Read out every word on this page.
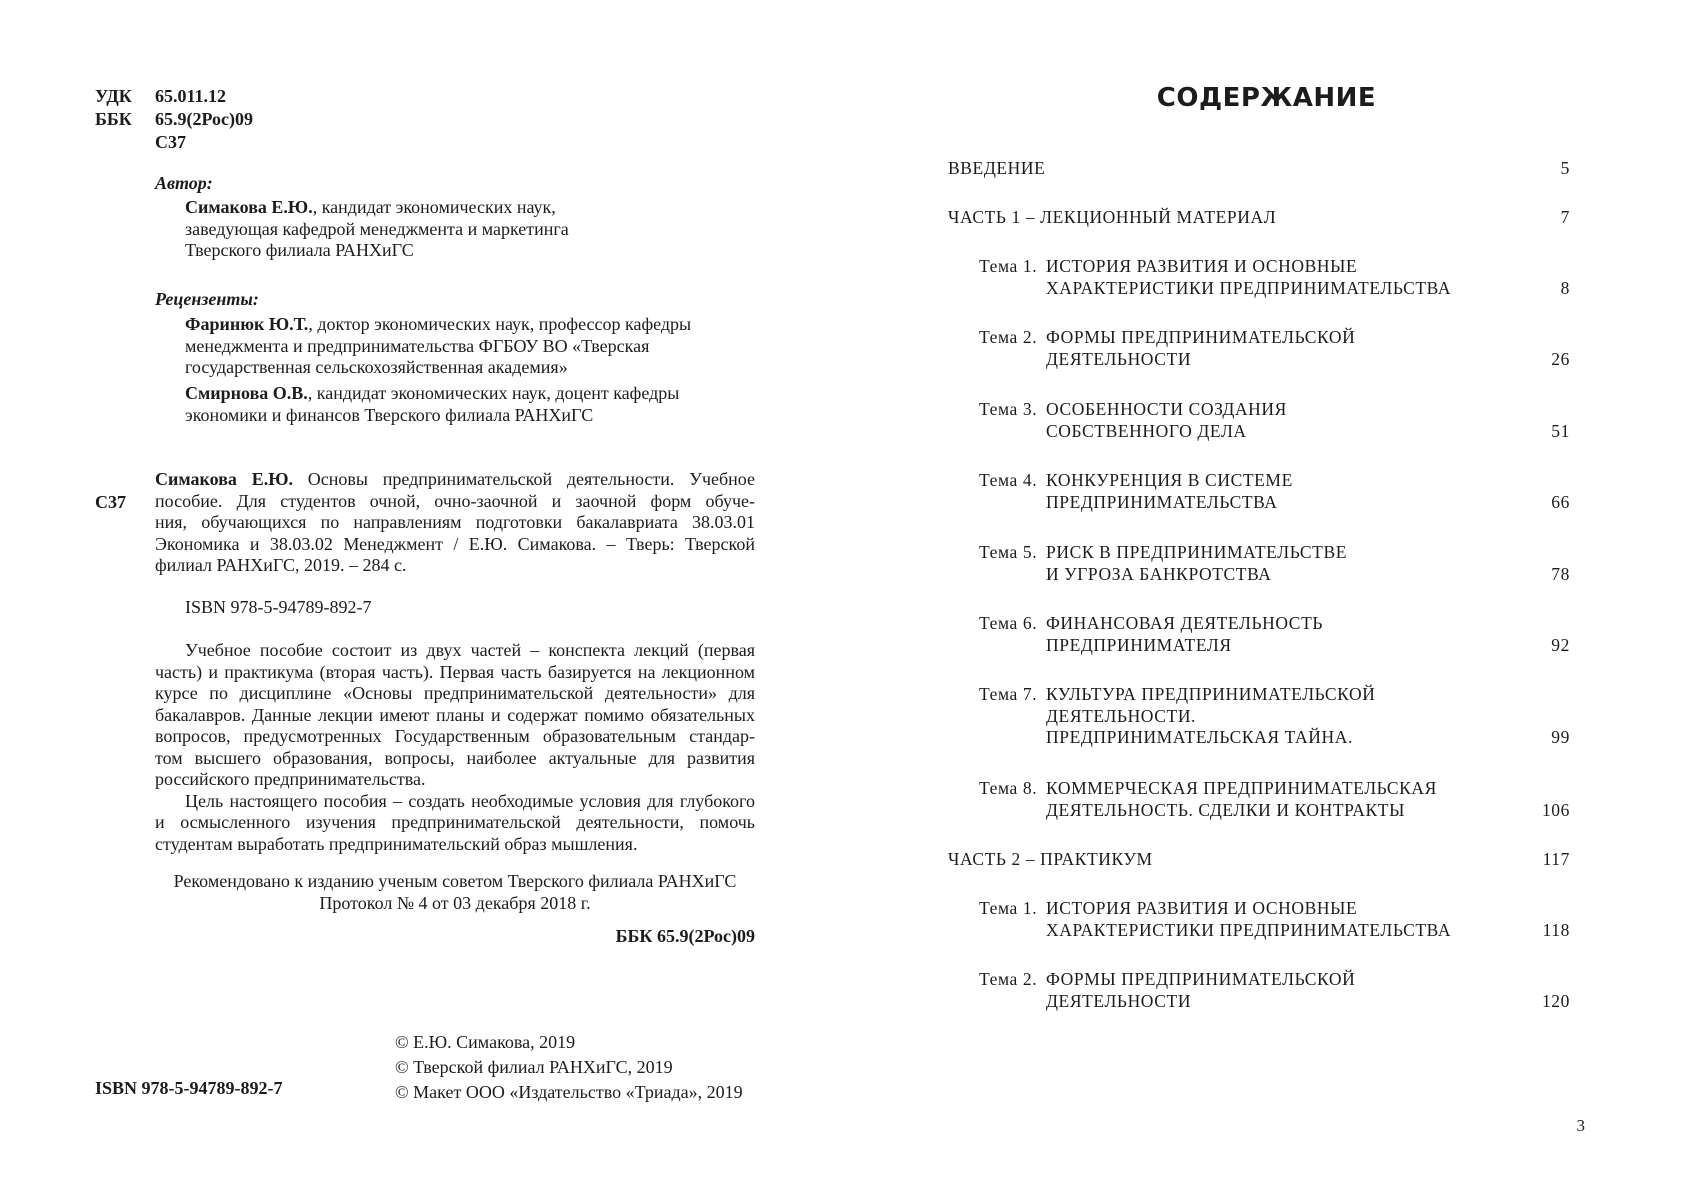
УДК	65.011.12
ББК	65.9(2Рос)09
С37
Автор:
Симакова Е.Ю., кандидат экономических наук,
заведующая кафедрой менеджмента и маркетинга
Тверского филиала РАНХиГС
Рецензенты:
Фаринюк Ю.Т., доктор экономических наук, профессор кафедры
менеджмента и предпринимательства ФГБОУ ВО «Тверская
государственная сельскохозяйственная академия»
Смирнова О.В., кандидат экономических наук, доцент кафедры
экономики и финансов Тверского филиала РАНХиГС
С37
Симакова Е.Ю. Основы предпринимательской деятельности. Учебное
пособие. Для студентов очной, очно-заочной и заочной форм обуче-
ния, обучающихся по направлениям подготовки бакалавриата 38.03.01
Экономика и 38.03.02 Менеджмент / Е.Ю. Симакова. – Тверь: Тверской
филиал РАНХиГС, 2019. – 284 с.
ISBN 978-5-94789-892-7
Учебное пособие состоит из двух частей – конспекта лекций (первая
часть) и практикума (вторая часть). Первая часть базируется на лекционном
курсе по дисциплине «Основы предпринимательской деятельности» для
бакалавров. Данные лекции имеют планы и содержат помимо обязательных
вопросов, предусмотренных Государственным образовательным стандар-
том высшего образования, вопросы, наиболее актуальные для развития
российского предпринимательства.
Цель настоящего пособия – создать необходимые условия для глубокого
и осмысленного изучения предпринимательской деятельности, помочь
студентам выработать предпринимательский образ мышления.
Рекомендовано к изданию ученым советом Тверского филиала РАНХиГС
Протокол № 4 от 03 декабря 2018 г.
ББК 65.9(2Рос)09
ISBN 978-5-94789-892-7
© Е.Ю. Симакова, 2019
© Тверской филиал РАНХиГС, 2019
© Макет ООО «Издательство «Триада», 2019
СОДЕРЖАНИЕ
ВВЕДЕНИЕ	5
ЧАСТЬ 1 – ЛЕКЦИОННЫЙ МАТЕРИАЛ	7
Тема 1. ИСТОРИЯ РАЗВИТИЯ И ОСНОВНЫЕ
ХАРАКТЕРИСТИКИ ПРЕДПРИНИМАТЕЛЬСТВА	8
Тема 2. ФОРМЫ ПРЕДПРИНИМАТЕЛЬСКОЙ
ДЕЯТЕЛЬНОСТИ	26
Тема 3. ОСОБЕННОСТИ СОЗДАНИЯ
СОБСТВЕННОГО ДЕЛА	51
Тема 4. КОНКУРЕНЦИЯ В СИСТЕМЕ
ПРЕДПРИНИМАТЕЛЬСТВА	66
Тема 5. РИСК В ПРЕДПРИНИМАТЕЛЬСТВЕ
И УГРОЗА БАНКРОТСТВА	78
Тема 6. ФИНАНСОВАЯ ДЕЯТЕЛЬНОСТЬ
ПРЕДПРИНИМАТЕЛЯ	92
Тема 7. КУЛЬТУРА ПРЕДПРИНИМАТЕЛЬСКОЙ
ДЕЯТЕЛЬНОСТИ.
ПРЕДПРИНИМАТЕЛЬСКАЯ ТАЙНА.	99
Тема 8. КОММЕРЧЕСКАЯ ПРЕДПРИНИМАТЕЛЬСКАЯ
ДЕЯТЕЛЬНОСТЬ. СДЕЛКИ И КОНТРАКТЫ	106
ЧАСТЬ 2 – ПРАКТИКУМ	117
Тема 1. ИСТОРИЯ РАЗВИТИЯ И ОСНОВНЫЕ
ХАРАКТЕРИСТИКИ ПРЕДПРИНИМАТЕЛЬСТВА	118
Тема 2. ФОРМЫ ПРЕДПРИНИМАТЕЛЬСКОЙ
ДЕЯТЕЛЬНОСТИ	120
3
